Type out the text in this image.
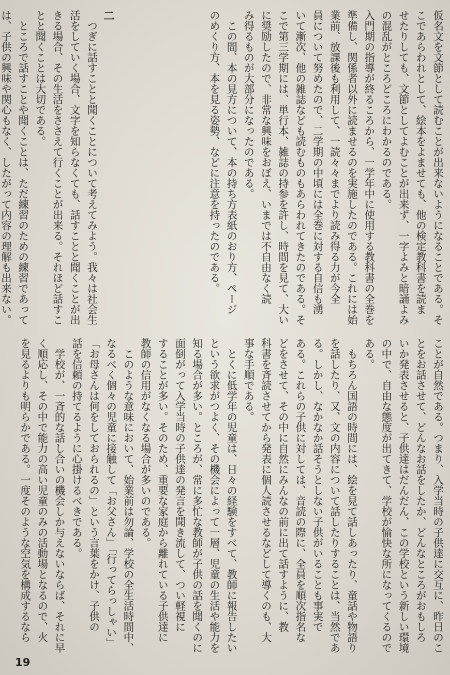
仮名文を文節として読むことが出来ないようになることである。そ
こであらわれとして、絵本をよませても、他の検定教科書を読ま
せたりしても、文節としてよむことが出来ず、一字よみと暗誦よみ
の混乱がところどころにわかるのである。
入門期の指導が終るころから、一学年中に使用する教科書の全巻を
準備し、関係者以外に読ませるのを実施したのである。これには始
業前、放課後も利用して、一読々々までより読み得る力が今全
員について努めたので、二学期の中頃には全巻に対する自信も湧
いて漸次、他の雑誌なども読むものもあらわれてきたのである。そ
こで第三学期には、単行本、雑誌の持参を許し、時間を見て、大い
に奨励したので、非常な興味をおぼえ、いまでは不自由なく読
み得るものが大部分になったのである。
　この間、本の見方について、本の持ち方表紙のおり方、ページ
のめくり方、本を見る姿勢、などに注意を持ったのである。
二
　つぎに話すことと聞くことについて考えてみよう。我々は社会生
活をしていく場合、文字を知らなくても、話すことと聞くことが出
きる場合、その生活をささえて行くことが出来る。それほど話すこ
とと聞くことは大切である。
　ところで話すことや聞くことは、ただ練習のための練習であって
は、子供の興味や関心もなく、したがって内容の理解も出来ない。
ことが自然である。つまり、入学当時の子供達に交互に、昨日のこ
とをお話させて、どんなお話をしたか、どんなところがおもしろ
いか発表させると、子供達はだんだん、この学校という新しい環境
の中で、自由な態度が出てきて、学校が愉快な所になってくるので
ある。
　もちろん国語の時間には、絵を見て話しあったり、童話や物語り
を話したり、又、文の内容について話したりすることは、当然であ
る。しかし、なかなか話そうとしない子供がいることも事実で
ある。これらの子供に対しては、音読の際に、全員を順次指名な
どをさせて、その中に自然にみんなの前に出て話すように、教
科書を斉読させてから発表に個人読させるなどして導くのも、大
事な手順である。
　とくに低学年の児童は、日々の経験をすべて、教師に報告したい
という欲求がつよく、その機会によって一層、児童の生活や能力を
知る場合が多い。ところが、常に多忙な教師が子供の話を聞くのに
面倒がって入学当時の子供達の発言を聞き流して、つい軽視に
することが多い。そのため、重要な家庭から離れている子供達に
教師の信用がなくなる場合が多いのである。
　このような意味において、始業前は勿論、学校の全生活時間中、
なるべく個々の児童に接触して「お父さん」「行ってらっしゃい」
「お母さんは何をしておられるの」という言葉をかけ、子供の
話を信頼の持てるように心掛けるべきである。
　学校が、一斉的な話し合いの機会しか与えないならば、それに早
く順応し、その中で能力の高い児童のみの活動場となるので、火
を見るよりも明らかである。一度そのような空気を構成するなら
19
